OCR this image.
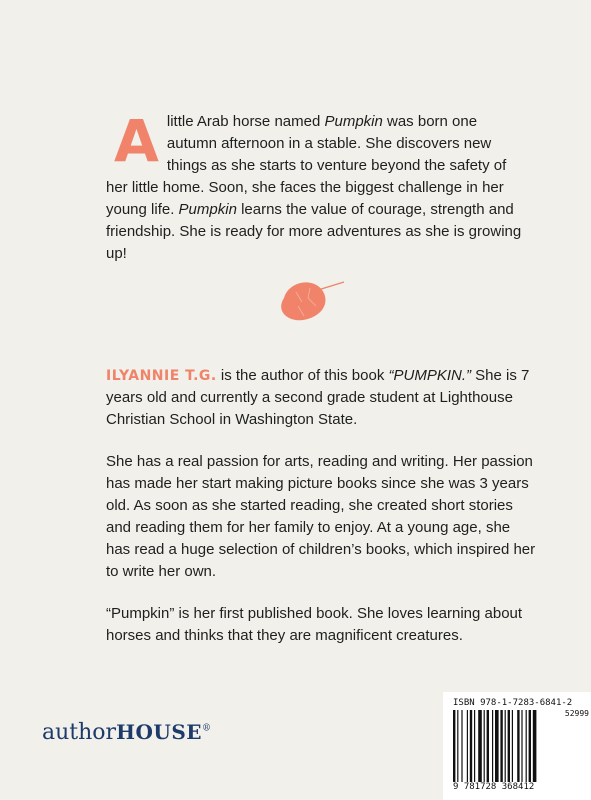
A little Arab horse named Pumpkin was born one autumn afternoon in a stable. She discovers new things as she starts to venture beyond the safety of her little home. Soon, she faces the biggest challenge in her young life. Pumpkin learns the value of courage, strength and friendship. She is ready for more adventures as she is growing up!

ILYANNIE T.G. is the author of this book “PUMPKIN.” She is 7 years old and currently a second grade student at Lighthouse Christian School in Washington State.

She has a real passion for arts, reading and writing. Her passion has made her start making picture books since she was 3 years old. As soon as she started reading, she created short stories and reading them for her family to enjoy. At a young age, she has read a huge selection of children’s books, which inspired her to write her own.

“Pumpkin” is her first published book. She loves learning about horses and thinks that they are magnificent creatures.

authorHOUSE®
ISBN 978-1-7283-6841-2
52999
9 781728 368412
